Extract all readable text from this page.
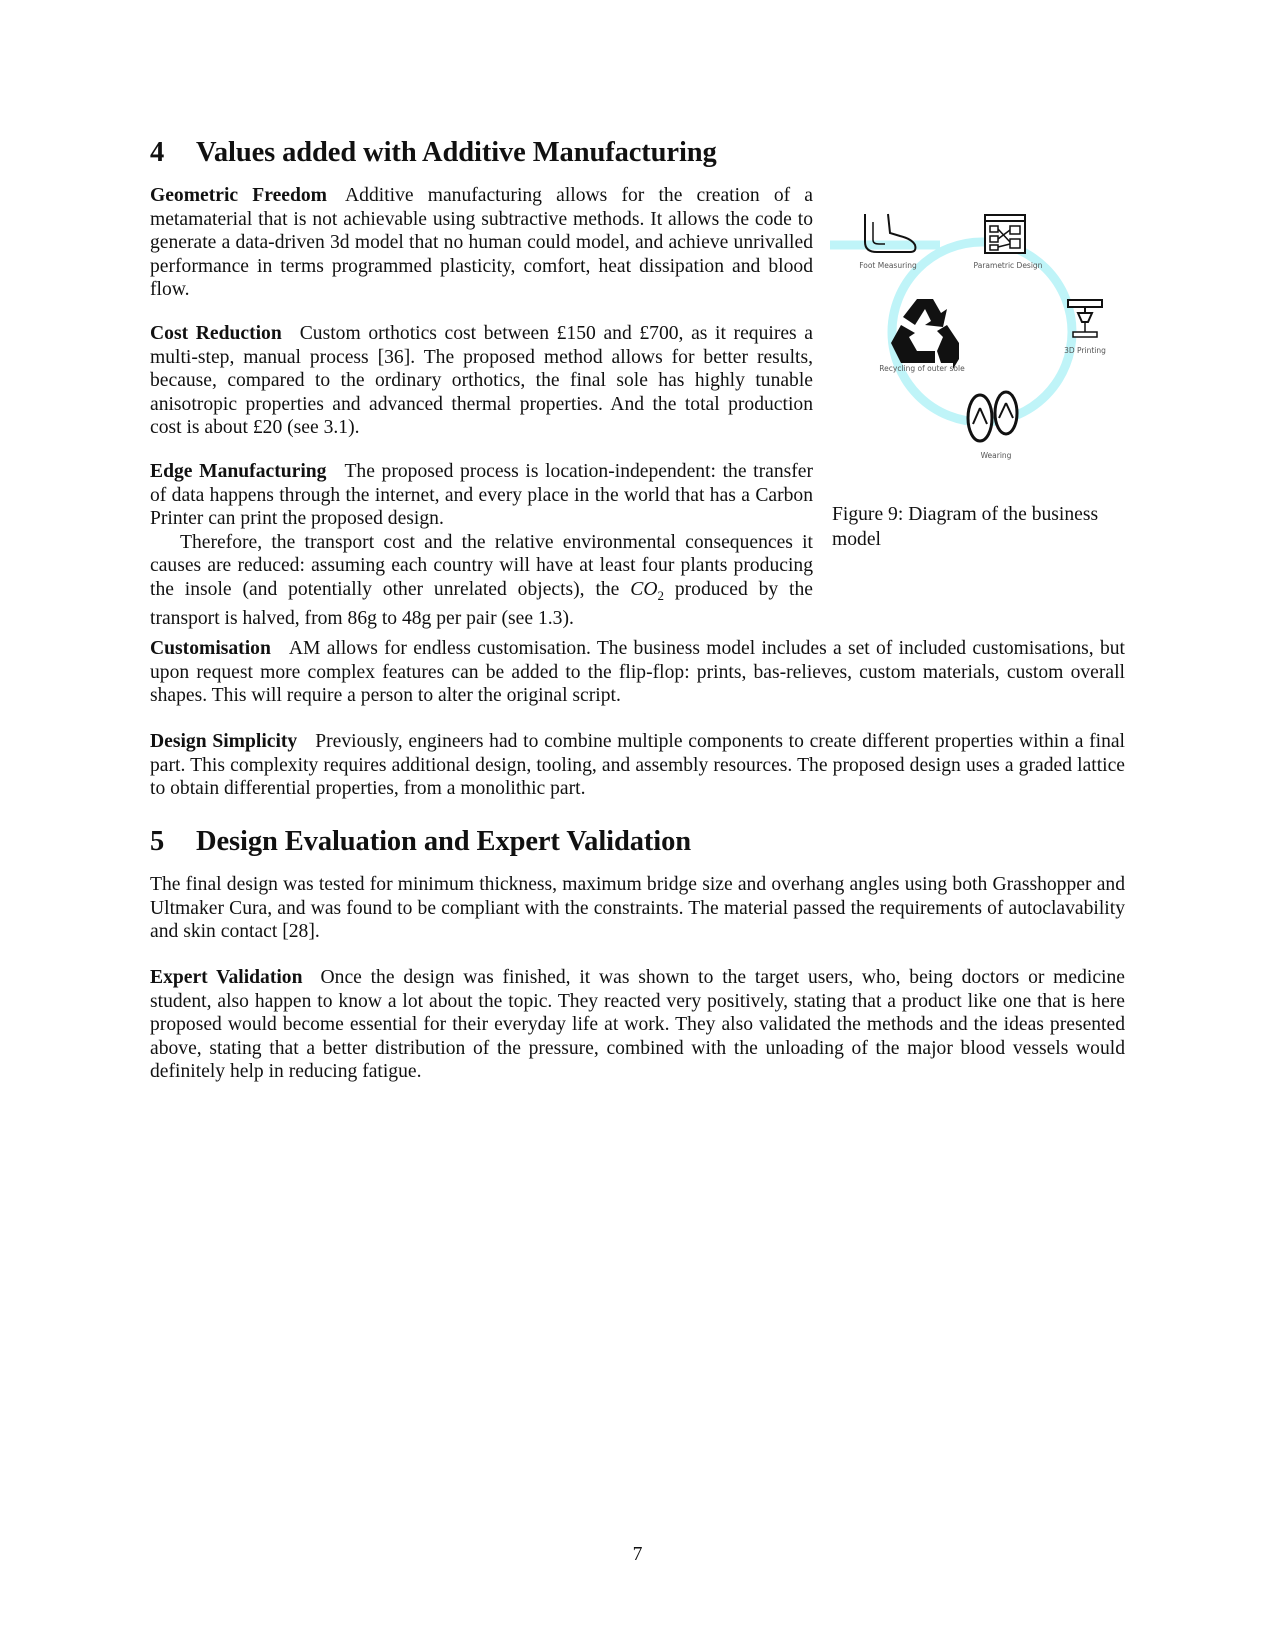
4 Values added with Additive Manufacturing
Geometric Freedom Additive manufacturing allows for the creation of a metamaterial that is not achievable using subtractive methods. It allows the code to generate a data-driven 3d model that no human could model, and achieve unrivalled performance in terms programmed plasticity, comfort, heat dissipation and blood flow.
Cost Reduction Custom orthotics cost between £150 and £700, as it requires a multi-step, manual process [36]. The proposed method allows for better results, because, compared to the ordinary orthotics, the final sole has highly tunable anisotropic properties and advanced thermal properties. And the total production cost is about £20 (see 3.1).
Edge Manufacturing The proposed process is location-independent: the transfer of data happens through the internet, and every place in the world that has a Carbon Printer can print the proposed design.
Therefore, the transport cost and the relative environmental consequences it causes are reduced: assuming each country will have at least four plants producing the insole (and potentially other unrelated objects), the $CO_2$ produced by the transport is halved, from 86g to 48g per pair (see 1.3).
Foot Measuring	Parametric Design
3D Printing
Wearing
Recycling of outer sole
Figure 9: Diagram of the business model
Customisation AM allows for endless customisation. The business model includes a set of included customisations, but upon request more complex features can be added to the flip-flop: prints, bas-relieves, custom materials, custom overall shapes. This will require a person to alter the original script.
Design Simplicity Previously, engineers had to combine multiple components to create different properties within a final part. This complexity requires additional design, tooling, and assembly resources. The proposed design uses a graded lattice to obtain differential properties, from a monolithic part.
5 Design Evaluation and Expert Validation
The final design was tested for minimum thickness, maximum bridge size and overhang angles using both Grasshopper and Ultmaker Cura, and was found to be compliant with the constraints. The material passed the requirements of autoclavability and skin contact [28].
Expert Validation Once the design was finished, it was shown to the target users, who, being doctors or medicine student, also happen to know a lot about the topic. They reacted very positively, stating that a product like one that is here proposed would become essential for their everyday life at work. They also validated the methods and the ideas presented above, stating that a better distribution of the pressure, combined with the unloading of the major blood vessels would definitely help in reducing fatigue.
7
